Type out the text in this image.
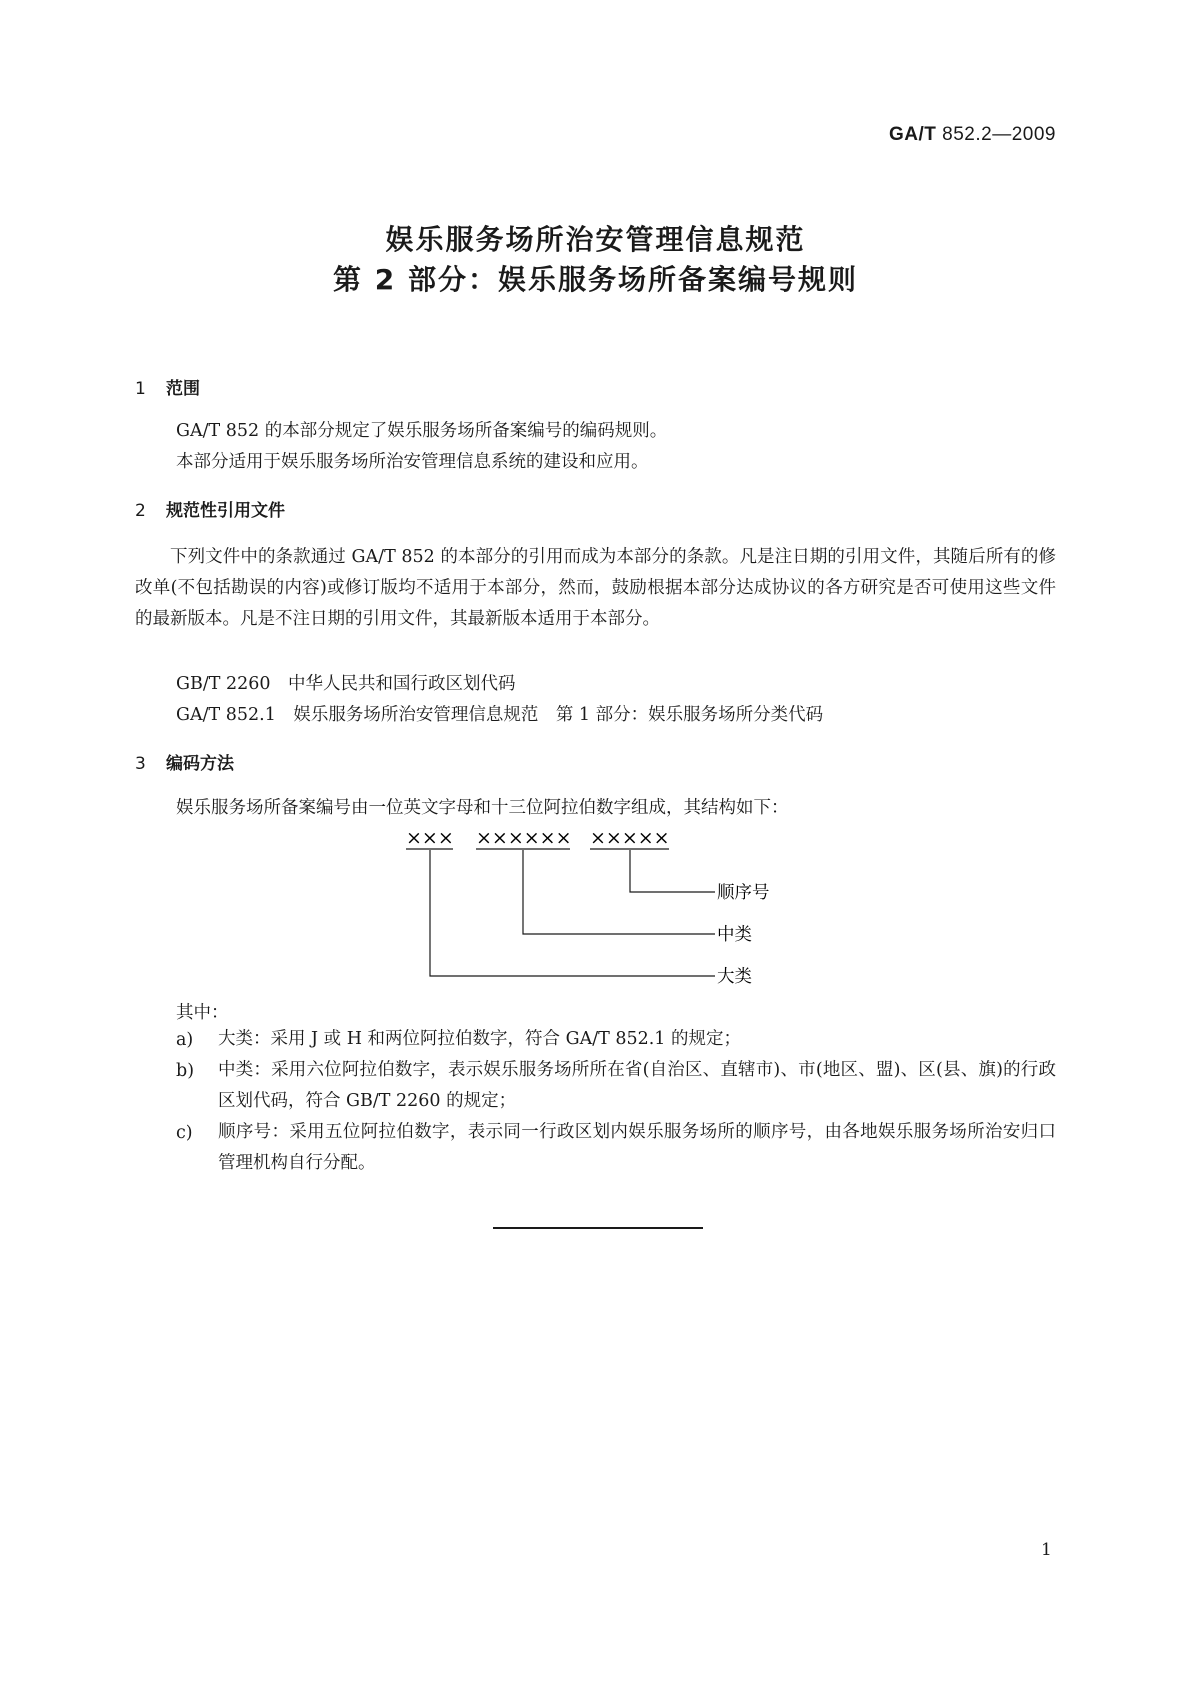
GA/T 852.2—2009
娱乐服务场所治安管理信息规范
第 2 部分：娱乐服务场所备案编号规则
1 范围
GA/T 852 的本部分规定了娱乐服务场所备案编号的编码规则。
本部分适用于娱乐服务场所治安管理信息系统的建设和应用。
2 规范性引用文件
下列文件中的条款通过 GA/T 852 的本部分的引用而成为本部分的条款。凡是注日期的引用文件，其随后所有的修改单(不包括勘误的内容)或修订版均不适用于本部分，然而，鼓励根据本部分达成协议的各方研究是否可使用这些文件的最新版本。凡是不注日期的引用文件，其最新版本适用于本部分。
GB/T 2260　 中华人民共和国行政区划代码
GA/T 852.1　 娱乐服务场所治安管理信息规范　第 1 部分：娱乐服务场所分类代码
3 编码方法
娱乐服务场所备案编号由一位英文字母和十三位阿拉伯数字组成，其结构如下：
××× ×××××× ×××××
顺序号
中类
大类
其中：
a) 大类：采用 J 或 H 和两位阿拉伯数字，符合 GA/T 852.1 的规定；
b) 中类：采用六位阿拉伯数字，表示娱乐服务场所所在省(自治区、直辖市)、市(地区、盟)、区(县、旗)的行政区划代码，符合 GB/T 2260 的规定；
c) 顺序号：采用五位阿拉伯数字，表示同一行政区划内娱乐服务场所的顺序号，由各地娱乐服务场所治安归口管理机构自行分配。
1
